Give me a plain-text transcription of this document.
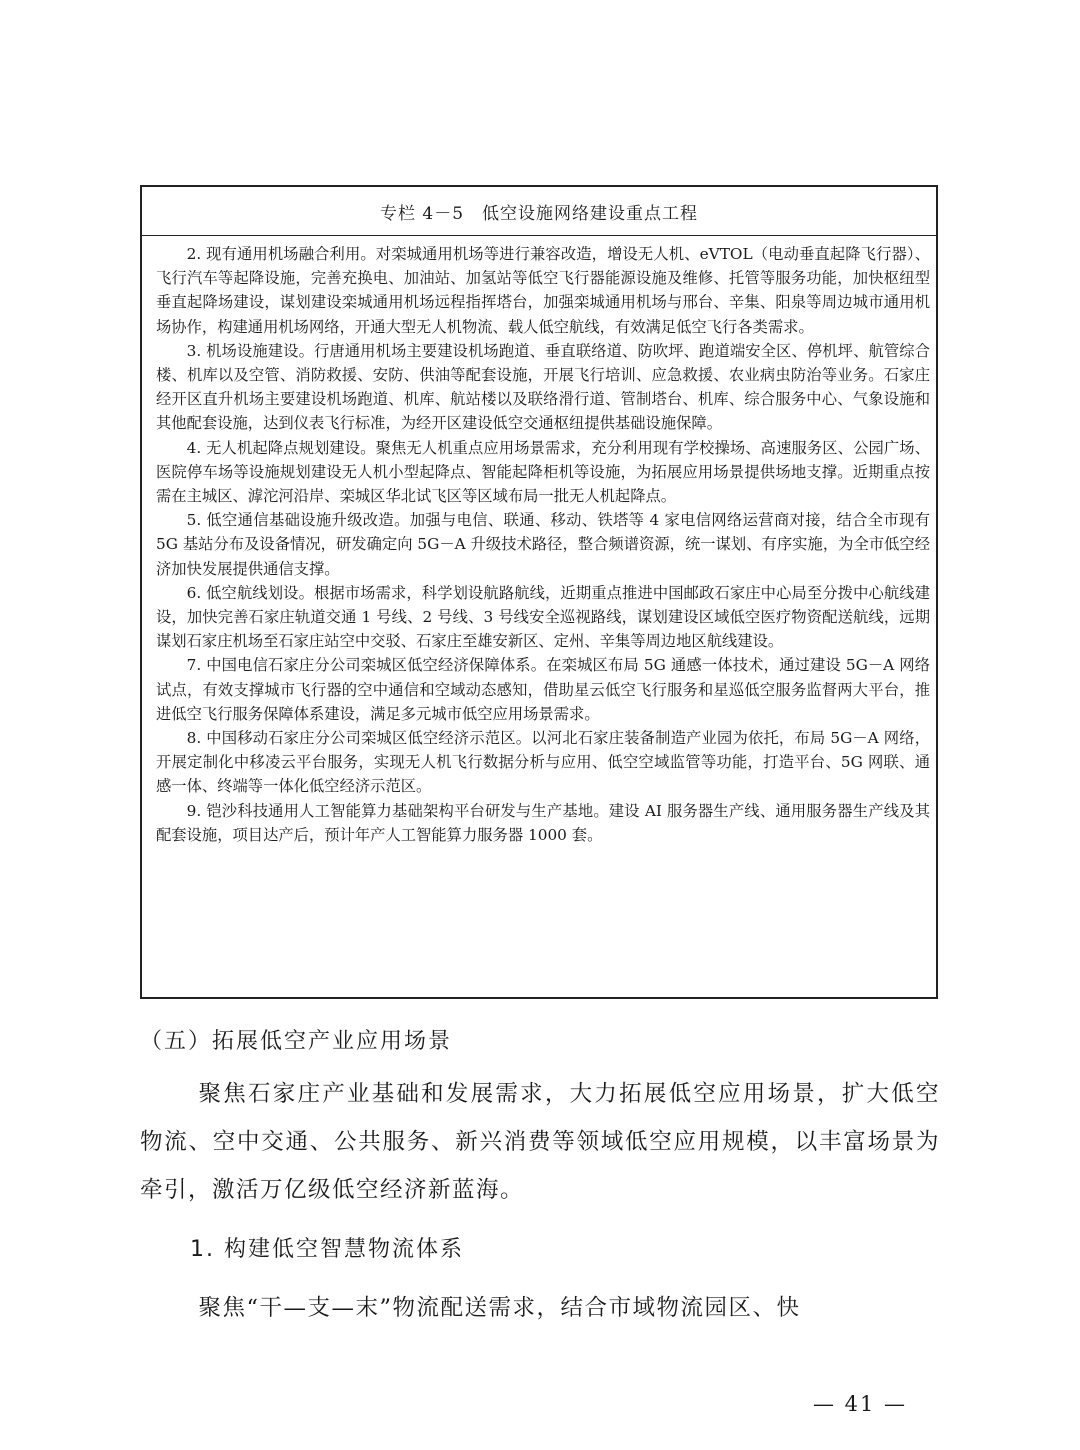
专栏 4－5　低空设施网络建设重点工程

2. 现有通用机场融合利用。对栾城通用机场等进行兼容改造，增设无人机、eVTOL（电动垂直起降飞行器）、飞行汽车等起降设施，完善充换电、加油站、加氢站等低空飞行器能源设施及维修、托管等服务功能，加快枢纽型垂直起降场建设，谋划建设栾城通用机场远程指挥塔台，加强栾城通用机场与邢台、辛集、阳泉等周边城市通用机场协作，构建通用机场网络，开通大型无人机物流、载人低空航线，有效满足低空飞行各类需求。

3. 机场设施建设。行唐通用机场主要建设机场跑道、垂直联络道、防吹坪、跑道端安全区、停机坪、航管综合楼、机库以及空管、消防救援、安防、供油等配套设施，开展飞行培训、应急救援、农业病虫防治等业务。石家庄经开区直升机场主要建设机场跑道、机库、航站楼以及联络滑行道、管制塔台、机库、综合服务中心、气象设施和其他配套设施，达到仪表飞行标准，为经开区建设低空交通枢纽提供基础设施保障。

4. 无人机起降点规划建设。聚焦无人机重点应用场景需求，充分利用现有学校操场、高速服务区、公园广场、医院停车场等设施规划建设无人机小型起降点、智能起降柜机等设施，为拓展应用场景提供场地支撑。近期重点按需在主城区、滹沱河沿岸、栾城区华北试飞区等区域布局一批无人机起降点。

5. 低空通信基础设施升级改造。加强与电信、联通、移动、铁塔等 4 家电信网络运营商对接，结合全市现有 5G 基站分布及设备情况，研发确定向 5G－A 升级技术路径，整合频谱资源，统一谋划、有序实施，为全市低空经济加快发展提供通信支撑。

6. 低空航线划设。根据市场需求，科学划设航路航线，近期重点推进中国邮政石家庄中心局至分拨中心航线建设，加快完善石家庄轨道交通 1 号线、2 号线、3 号线安全巡视路线，谋划建设区域低空医疗物资配送航线，远期谋划石家庄机场至石家庄站空中交驳、石家庄至雄安新区、定州、辛集等周边地区航线建设。

7. 中国电信石家庄分公司栾城区低空经济保障体系。在栾城区布局 5G 通感一体技术，通过建设 5G－A 网络试点，有效支撑城市飞行器的空中通信和空域动态感知，借助星云低空飞行服务和星巡低空服务监督两大平台，推进低空飞行服务保障体系建设，满足多元城市低空应用场景需求。

8. 中国移动石家庄分公司栾城区低空经济示范区。以河北石家庄装备制造产业园为依托，布局 5G－A 网络，开展定制化中移凌云平台服务，实现无人机飞行数据分析与应用、低空空域监管等功能，打造平台、5G 网联、通感一体、终端等一体化低空经济示范区。

9. 铠沙科技通用人工智能算力基础架构平台研发与生产基地。建设 AI 服务器生产线、通用服务器生产线及其配套设施，项目达产后，预计年产人工智能算力服务器 1000 套。

（五）拓展低空产业应用场景

聚焦石家庄产业基础和发展需求，大力拓展低空应用场景，扩大低空物流、空中交通、公共服务、新兴消费等领域低空应用规模，以丰富场景为牵引，激活万亿级低空经济新蓝海。

1. 构建低空智慧物流体系

聚焦“干—支—末”物流配送需求，结合市域物流园区、快

— 41 —
